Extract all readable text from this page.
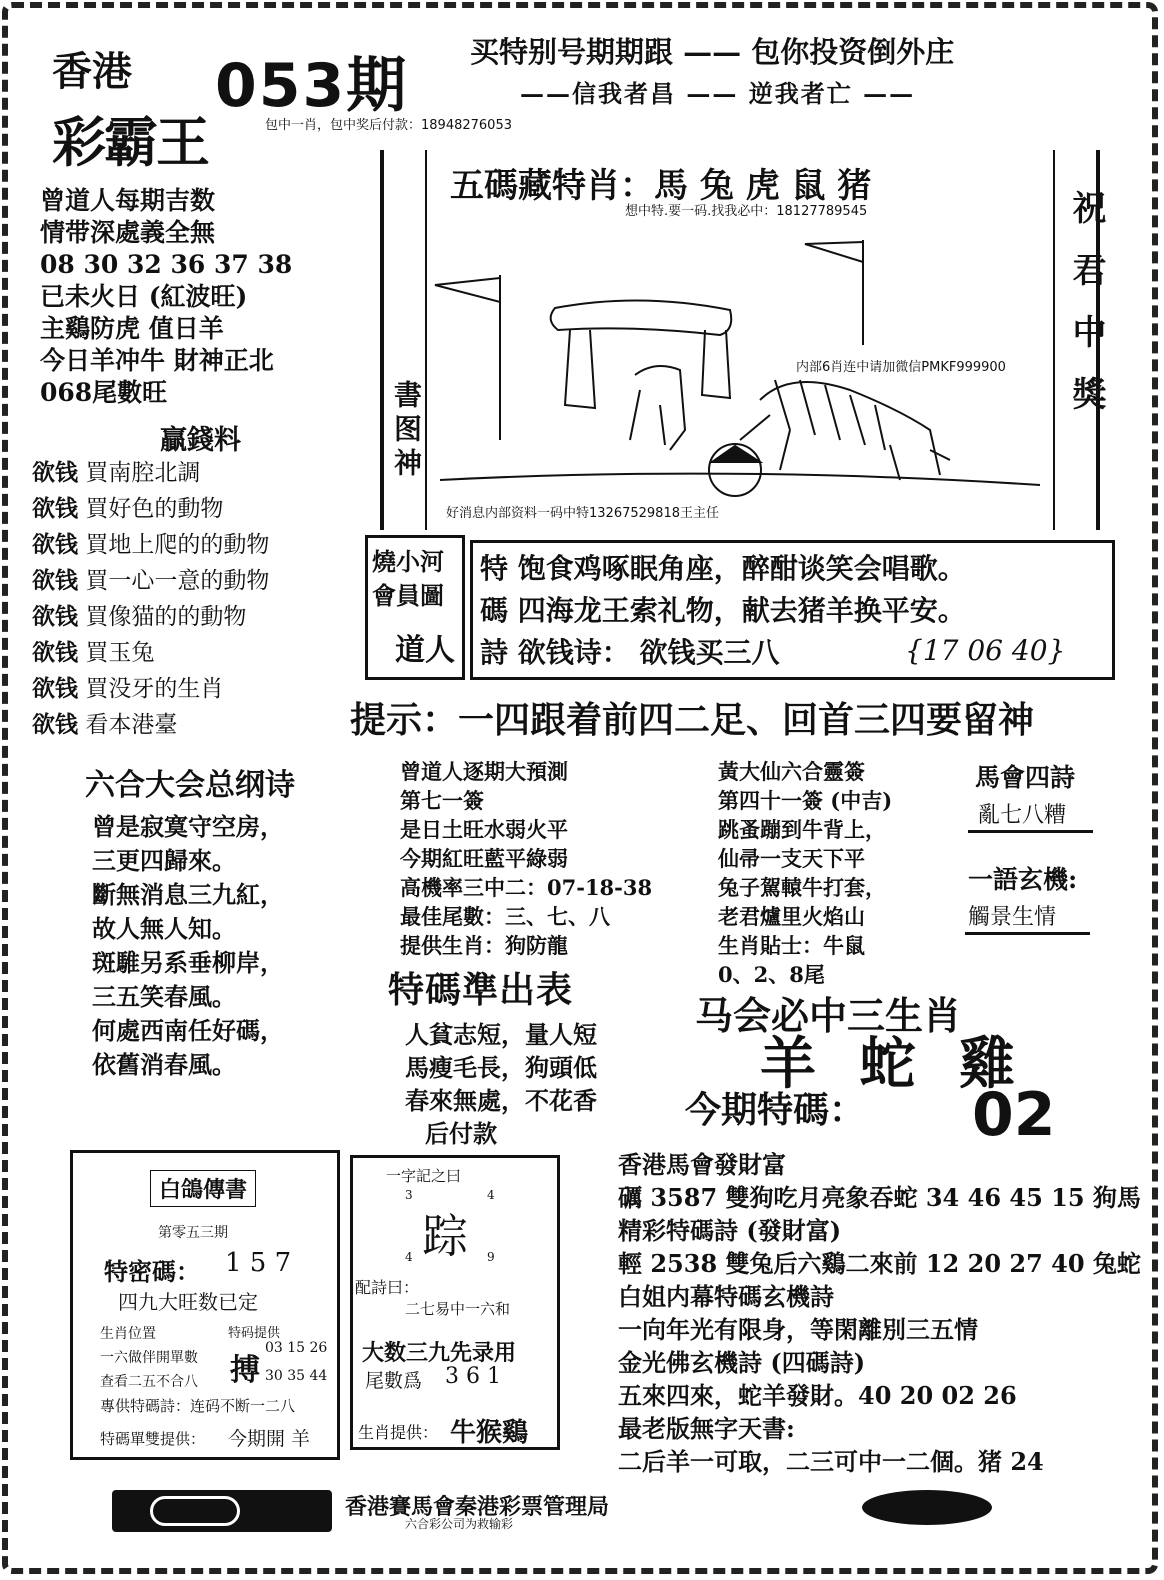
香港
彩霸王
053期 买特别号期期跟 —— 包你投资倒外庄
——信我者昌 —— 逆我者亡 ——
包中一肖，包中奖后付款：18948276053
曾道人每期吉数
情带深處義全無
08 30 32 36 37 38
已未火日 (紅波旺)
主鷄防虎 值日羊
今日羊冲牛 財神正北
068尾數旺
贏錢料
欲钱 買南腔北調
欲钱 買好色的動物
欲钱 買地上爬的的動物
欲钱 買一心一意的動物
欲钱 買像猫的的動物
欲钱 買玉兔
欲钱 買没牙的生肖
欲钱 看本港臺
五碼藏特肖：馬 兔 虎 鼠 猪
想中特.要一码.找我必中：18127789545
内部6肖连中请加微信PMKF999900
好消息内部资料一码中特13267529818王主任
書图神	祝君中獎
燒小河
會員圖
道人
特 饱食鸡啄眠角座，醉酣谈笑会唱歌。
碼 四海龙王索礼物，献去猪羊换平安。
詩 欲钱诗： 欲钱买三八	{17 06 40}
提示：一四跟着前四二足、回首三四要留神
六合大会总纲诗
曾是寂寞守空房，
三更四歸來。
斷無消息三九紅，
故人無人知。
斑騅另系垂柳岸，
三五笑春風。
何處西南任好碼，
依舊消春風。
曾道人逐期大預測
第七一簽
是日土旺水弱火平
今期紅旺藍平綠弱
高機率三中二：07-18-38
最佳尾數：三、七、八
提供生肖：狗防龍
黃大仙六合靈簽
第四十一簽 (中吉)
跳蚤蹦到牛背上，
仙帚一支天下平
兔子駕轅牛打套，
老君爐里火焰山
生肖貼士：牛鼠
0、2、8尾
馬會四詩
亂七八糟
一語玄機:
觸景生情
特碼準出表
人貧志短，量人短
馬瘦毛長，狗頭低
春來無處，不花香
后付款
马会必中三生肖
羊 蛇 雞
今期特碼： 02
白鴿傳書
第零五三期
特密碼： 1 5 7
四九大旺数已定
生肖位置
一六做伴開單數
查看二五不合八
特码提供
搏
03 15 26
30 35 44
專供特碼詩：连码不断一二八
特碼單雙提供： 今期開 羊
一字記之曰
3	4
踪
4	9
配詩曰：
二七易中一六和
大数三九先录用
尾數爲 3 6 1
生肖提供： 牛猴鷄
香港馬會發財富
礪 3587 雙狗吃月亮象吞蛇 34 46 45 15 狗馬
精彩特碼詩 (發財富)
輕 2538 雙兔后六鷄二來前 12 20 27 40 兔蛇
白姐内幕特碼玄機詩
一向年光有限身，等閑離別三五情
金光佛玄機詩 (四碼詩)
五來四來，蛇羊發財。40 20 02 26
最老版無字天書:
二后羊一可取，二三可中一二個。猪 24
香港賽馬會秦港彩票管理局
六合彩公司为救输彩
